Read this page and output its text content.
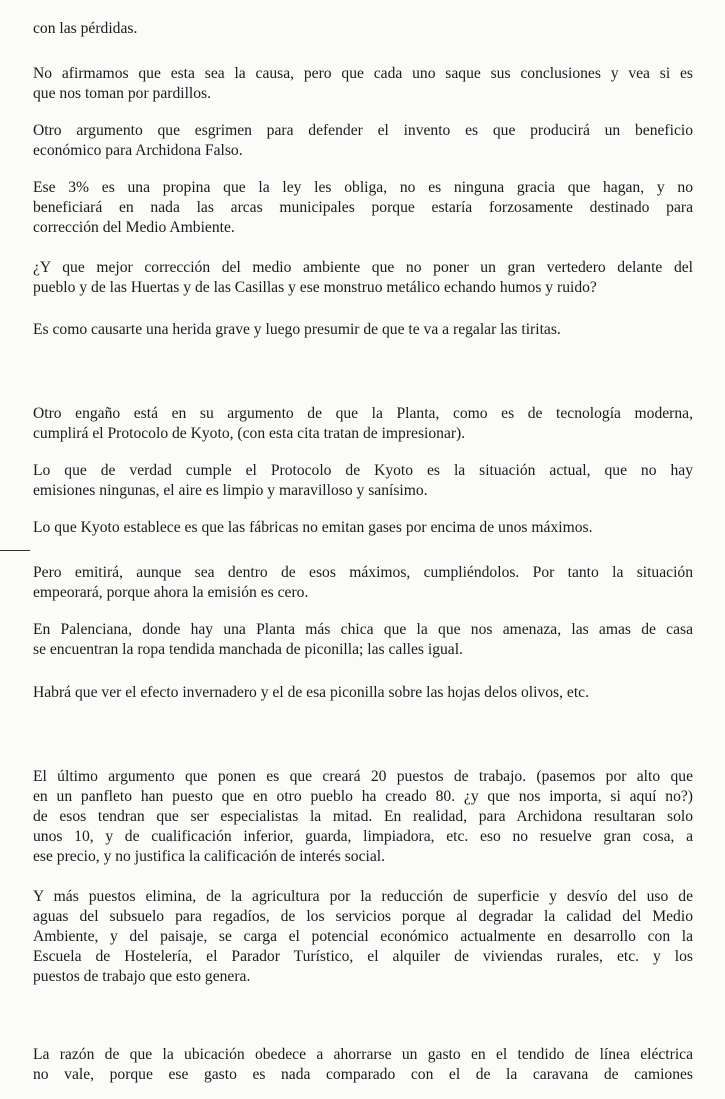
con las pérdidas.

No afirmamos que esta sea la causa, pero que cada uno saque sus conclusiones y vea si es
que nos toman por pardillos.

Otro argumento que esgrimen para defender el invento es que producirá un beneficio
económico para Archidona Falso.

Ese 3% es una propina que la ley les obliga, no es ninguna gracia que hagan, y no
beneficiará en nada las arcas municipales porque estaría forzosamente destinado para
corrección del Medio Ambiente.

¿Y que mejor corrección del medio ambiente que no poner un gran vertedero delante del
pueblo y de las Huertas y de las Casillas y ese monstruo metálico echando humos y ruido?

Es como causarte una herida grave y luego presumir de que te va a regalar las tiritas.

Otro engaño está en su argumento de que la Planta, como es de tecnología moderna,
cumplirá el Protocolo de Kyoto, (con esta cita tratan de impresionar).

Lo que de verdad cumple el Protocolo de Kyoto es la situación actual, que no hay
emisiones ningunas, el aire es limpio y maravilloso y sanísimo.

Lo que Kyoto establece es que las fábricas no emitan gases por encima de unos máximos.

Pero emitirá, aunque sea dentro de esos máximos, cumpliéndolos. Por tanto la situación
empeorará, porque ahora la emisión es cero.

En Palenciana, donde hay una Planta más chica que la que nos amenaza, las amas de casa
se encuentran la ropa tendida manchada de piconilla; las calles igual.

Habrá que ver el efecto invernadero y el de esa piconilla sobre las hojas delos olivos, etc.

El último argumento que ponen es que creará 20 puestos de trabajo. (pasemos por alto que
en un panfleto han puesto que en otro pueblo ha creado 80. ¿y que nos importa, si aquí no?)
de esos tendran que ser especialistas la mitad. En realidad, para Archidona resultaran solo
unos 10, y de cualificación inferior, guarda, limpiadora, etc. eso no resuelve gran cosa, a
ese precio, y no justifica la calificación de interés social.

Y más puestos elimina, de la agricultura por la reducción de superficie y desvío del uso de
aguas del subsuelo para regadíos, de los servicios porque al degradar la calidad del Medio
Ambiente, y del paisaje, se carga el potencial económico actualmente en desarrollo con la
Escuela de Hostelería, el Parador Turístico, el alquiler de viviendas rurales, etc. y los
puestos de trabajo que esto genera.

La razón de que la ubicación obedece a ahorrarse un gasto en el tendido de línea eléctrica
no vale, porque ese gasto es nada comparado con el de la caravana de camiones
